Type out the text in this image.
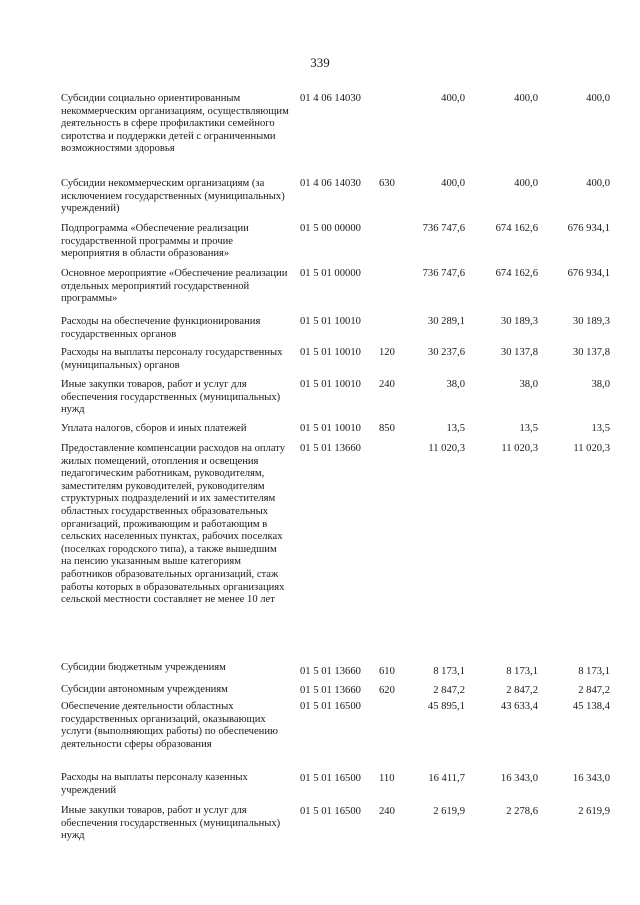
339
Субсидии социально ориентированным некоммерческим организациям, осуществляющим деятельность в сфере профилактики семейного сиротства и поддержки детей с ограниченными возможностями здоровья
01 4 06 14030	400,0	400,0	400,0
Субсидии некоммерческим организациям (за исключением государственных (муниципальных) учреждений)
01 4 06 14030 630	400,0	400,0	400,0
Подпрограмма «Обеспечение реализации государственной программы и прочие мероприятия в области образования»
01 5 00 00000	736 747,6	674 162,6	676 934,1
Основное мероприятие «Обеспечение реализации отдельных мероприятий государственной программы»
01 5 01 00000	736 747,6	674 162,6	676 934,1
Расходы на обеспечение функционирования государственных органов
01 5 01 10010	30 289,1	30 189,3	30 189,3
Расходы на выплаты персоналу государственных (муниципальных) органов
01 5 01 10010 120	30 237,6	30 137,8	30 137,8
Иные закупки товаров, работ и услуг для обеспечения государственных (муниципальных) нужд
01 5 01 10010 240	38,0	38,0	38,0
Уплата налогов, сборов и иных платежей	01 5 01 10010 850	13,5	13,5	13,5
Предоставление компенсации расходов на оплату жилых помещений, отопления и освещения педагогическим работникам, руководителям, заместителям руководителей, руководителям структурных подразделений и их заместителям областных государственных образовательных организаций, проживающим и работающим в сельских населенных пунктах, рабочих поселках (поселках городского типа), а также вышедшим на пенсию указанным выше категориям работников образовательных организаций, стаж работы которых в образовательных организациях сельской местности составляет не менее 10 лет
01 5 01 13660	11 020,3	11 020,3	11 020,3
Субсидии бюджетным учреждениям	01 5 01 13660 610	8 173,1	8 173,1	8 173,1
Субсидии автономным учреждениям	01 5 01 13660 620	2 847,2	2 847,2	2 847,2
Обеспечение деятельности областных государственных организаций, оказывающих услуги (выполняющих работы) по обеспечению деятельности сферы образования
01 5 01 16500	45 895,1	43 633,4	45 138,4
Расходы на выплаты персоналу казенных учреждений
01 5 01 16500 110	16 411,7	16 343,0	16 343,0
Иные закупки товаров, работ и услуг для обеспечения государственных (муниципальных) нужд
01 5 01 16500 240	2 619,9	2 278,6	2 619,9
